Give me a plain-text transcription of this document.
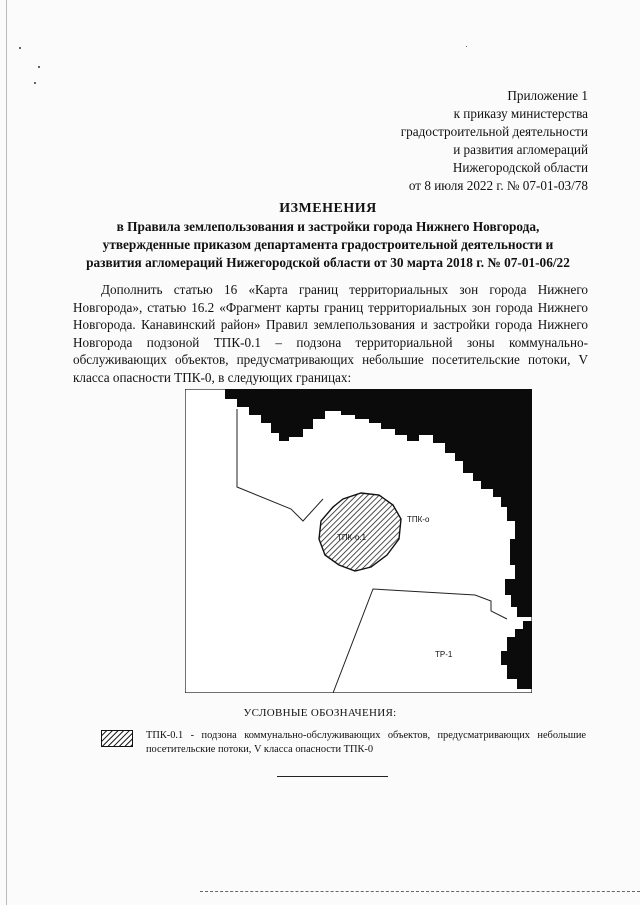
Приложение 1
к приказу министерства
градостроительной деятельности
и развития агломераций
Нижегородской области
от 8 июля 2022 г. № 07-01-03/78
ИЗМЕНЕНИЯ
в Правила землепользования и застройки города Нижнего Новгорода,
утвержденные приказом департамента градостроительной деятельности и
развития агломераций Нижегородской области от 30 марта 2018 г. № 07-01-06/22
Дополнить статью 16 «Карта границ территориальных зон города Нижнего Новгорода», статью 16.2 «Фрагмент карты границ территориальных зон города Нижнего Новгорода. Канавинский район» Правил землепользования и застройки города Нижнего Новгорода подзоной ТПК-0.1 – подзона территориальной зоны коммунально-обслуживающих объектов, предусматривающих небольшие посетительские потоки, V класса опасности ТПК-0, в следующих границах:
ТПК-о.1
ТПК-о
ТР-1
УСЛОВНЫЕ ОБОЗНАЧЕНИЯ:
ТПК-0.1 - подзона коммунально-обслуживающих объектов, предусматривающих небольшие посетительские потоки, V класса опасности ТПК-0
